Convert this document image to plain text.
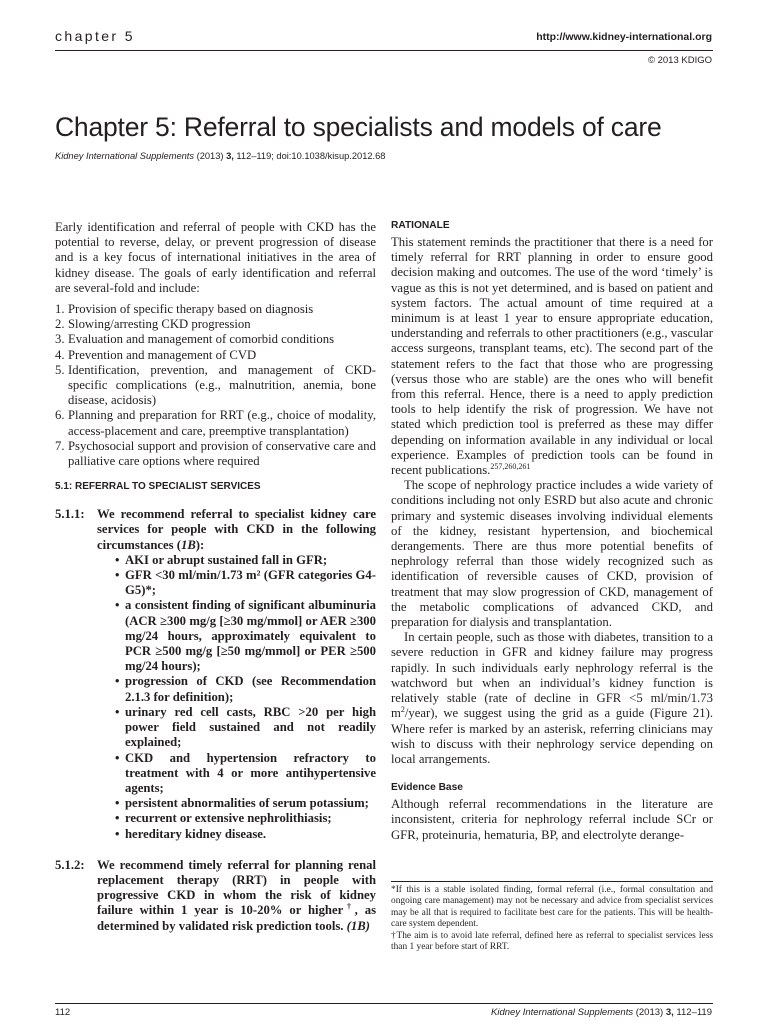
chapter 5	http://www.kidney-international.org
© 2013 KDIGO
Chapter 5: Referral to specialists and models of care
Kidney International Supplements (2013) 3, 112–119; doi:10.1038/kisup.2012.68

Early identification and referral of people with CKD has the potential to reverse, delay, or prevent progression of disease and is a key focus of international initiatives in the area of kidney disease. The goals of early identification and referral are several-fold and include:

1. Provision of specific therapy based on diagnosis
2. Slowing/arresting CKD progression
3. Evaluation and management of comorbid conditions
4. Prevention and management of CVD
5. Identification, prevention, and management of CKD-specific complications (e.g., malnutrition, anemia, bone disease, acidosis)
6. Planning and preparation for RRT (e.g., choice of modality, access-placement and care, preemptive transplantation)
7. Psychosocial support and provision of conservative care and palliative care options where required
5.1: REFERRAL TO SPECIALIST SERVICES
5.1.1: We recommend referral to specialist kidney care services for people with CKD in the following circumstances (1B):

• AKI or abrupt sustained fall in GFR;
• GFR <30 ml/min/1.73 m² (GFR categories G4-G5)*;
• a consistent finding of significant albuminuria (ACR ≥300 mg/g [≥30 mg/mmol] or AER ≥300 mg/24 hours, approximately equivalent to PCR ≥500 mg/g [≥50 mg/mmol] or PER ≥500 mg/24 hours);
• progression of CKD (see Recommendation 2.1.3 for definition);
• urinary red cell casts, RBC >20 per high power field sustained and not readily explained;
• CKD and hypertension refractory to treatment with 4 or more antihypertensive agents;
• persistent abnormalities of serum potassium;
• recurrent or extensive nephrolithiasis;
• hereditary kidney disease.
5.1.2: We recommend timely referral for planning renal replacement therapy (RRT) in people with progressive CKD in whom the risk of kidney failure within 1 year is 10-20% or higher†, as determined by validated risk prediction tools. (1B)

RATIONALE

This statement reminds the practitioner that there is a need for timely referral for RRT planning in order to ensure good decision making and outcomes. The use of the word ‘timely’ is vague as this is not yet determined, and is based on patient and system factors. The actual amount of time required at a minimum is at least 1 year to ensure appropriate education, understanding and referrals to other practitioners (e.g., vascular access surgeons, transplant teams, etc). The second part of the statement refers to the fact that those who are progressing (versus those who are stable) are the ones who will benefit from this referral. Hence, there is a need to apply prediction tools to help identify the risk of progression. We have not stated which prediction tool is preferred as these may differ depending on information available in any individual or local experience. Examples of prediction tools can be found in recent publications.$^{257,260,261}$

The scope of nephrology practice includes a wide variety of conditions including not only ESRD but also acute and chronic primary and systemic diseases involving individual elements of the kidney, resistant hypertension, and biochemical derangements. There are thus more potential benefits of nephrology referral than those widely recognized such as identification of reversible causes of CKD, provision of treatment that may slow progression of CKD, management of the metabolic complications of advanced CKD, and preparation for dialysis and transplantation.

In certain people, such as those with diabetes, transition to a severe reduction in GFR and kidney failure may progress rapidly. In such individuals early nephrology referral is the watchword but when an individual’s kidney function is relatively stable (rate of decline in GFR <5 ml/min/1.73 $m^2/year$), we suggest using the grid as a guide (Figure 21). Where refer is marked by an asterisk, referring clinicians may wish to discuss with their nephrology service depending on local arrangements.

Evidence Base

Although referral recommendations in the literature are inconsistent, criteria for nephrology referral include SCr or GFR, proteinuria, hematuria, BP, and electrolyte derange-

*If this is a stable isolated finding, formal referral (i.e., formal consultation and ongoing care management) may not be necessary and advice from specialist services may be all that is required to facilitate best care for the patients. This will be health-care system dependent.

†The aim is to avoid late referral, defined here as referral to specialist services less than 1 year before start of RRT.

112	Kidney International Supplements (2013) 3, 112–119
